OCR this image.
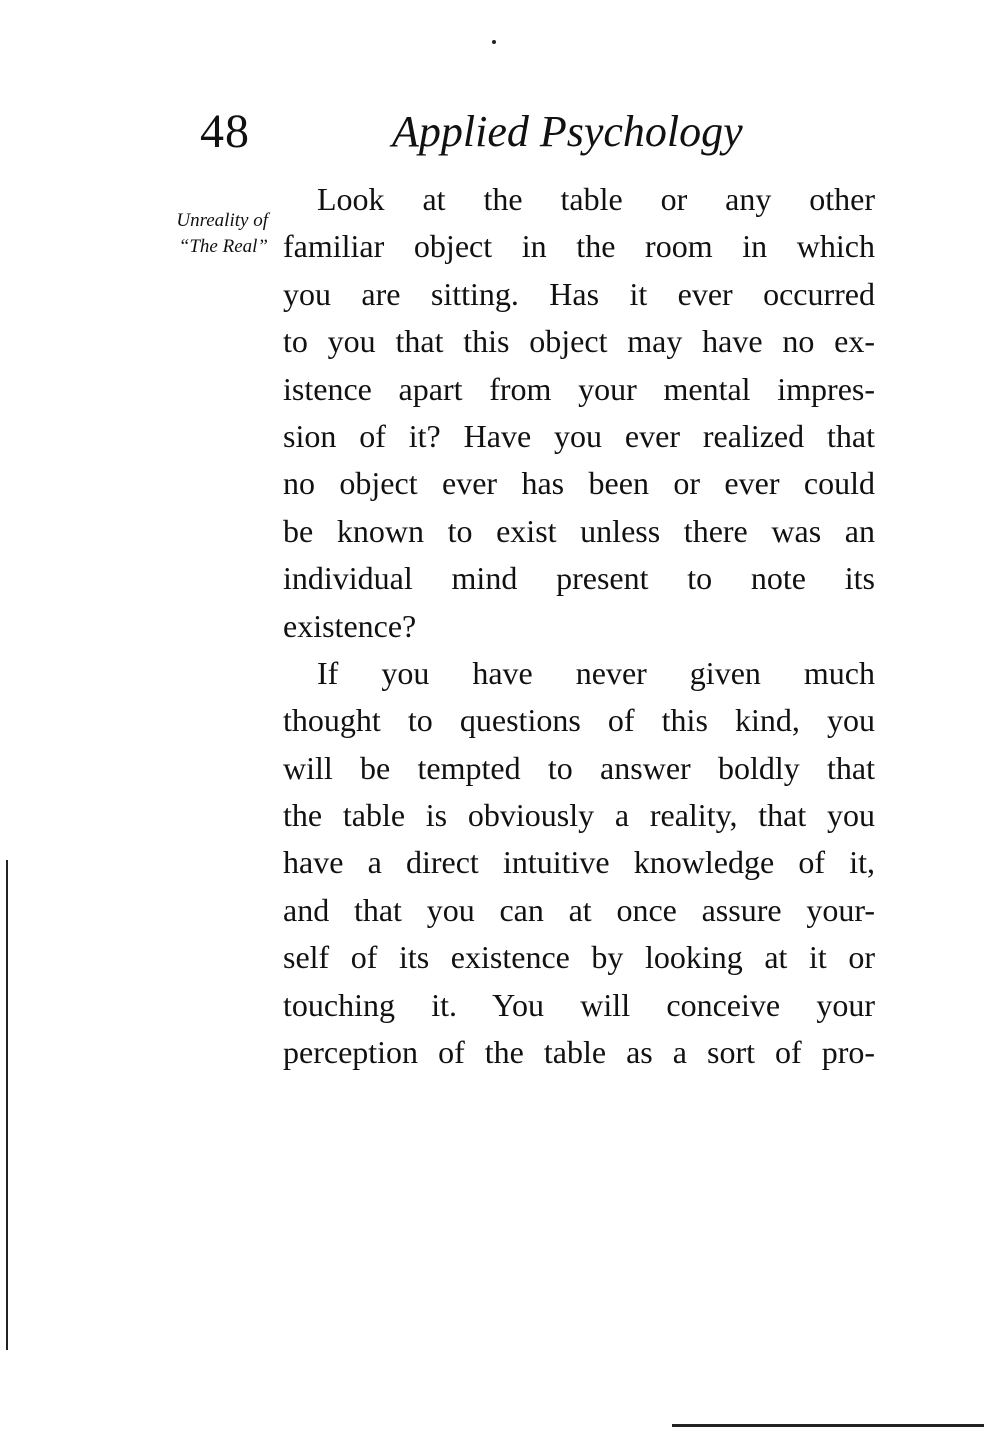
48	Applied Psychology
Unreality of
“The Real”
Look at the table or any other
familiar object in the room in which
you are sitting. Has it ever occurred
to you that this object may have no ex-
istence apart from your mental impres-
sion of it? Have you ever realized that
no object ever has been or ever could
be known to exist unless there was an
individual mind present to note its
existence?
If you have never given much
thought to questions of this kind, you
will be tempted to answer boldly that
the table is obviously a reality, that you
have a direct intuitive knowledge of it,
and that you can at once assure your-
self of its existence by looking at it or
touching it. You will conceive your
perception of the table as a sort of pro-
